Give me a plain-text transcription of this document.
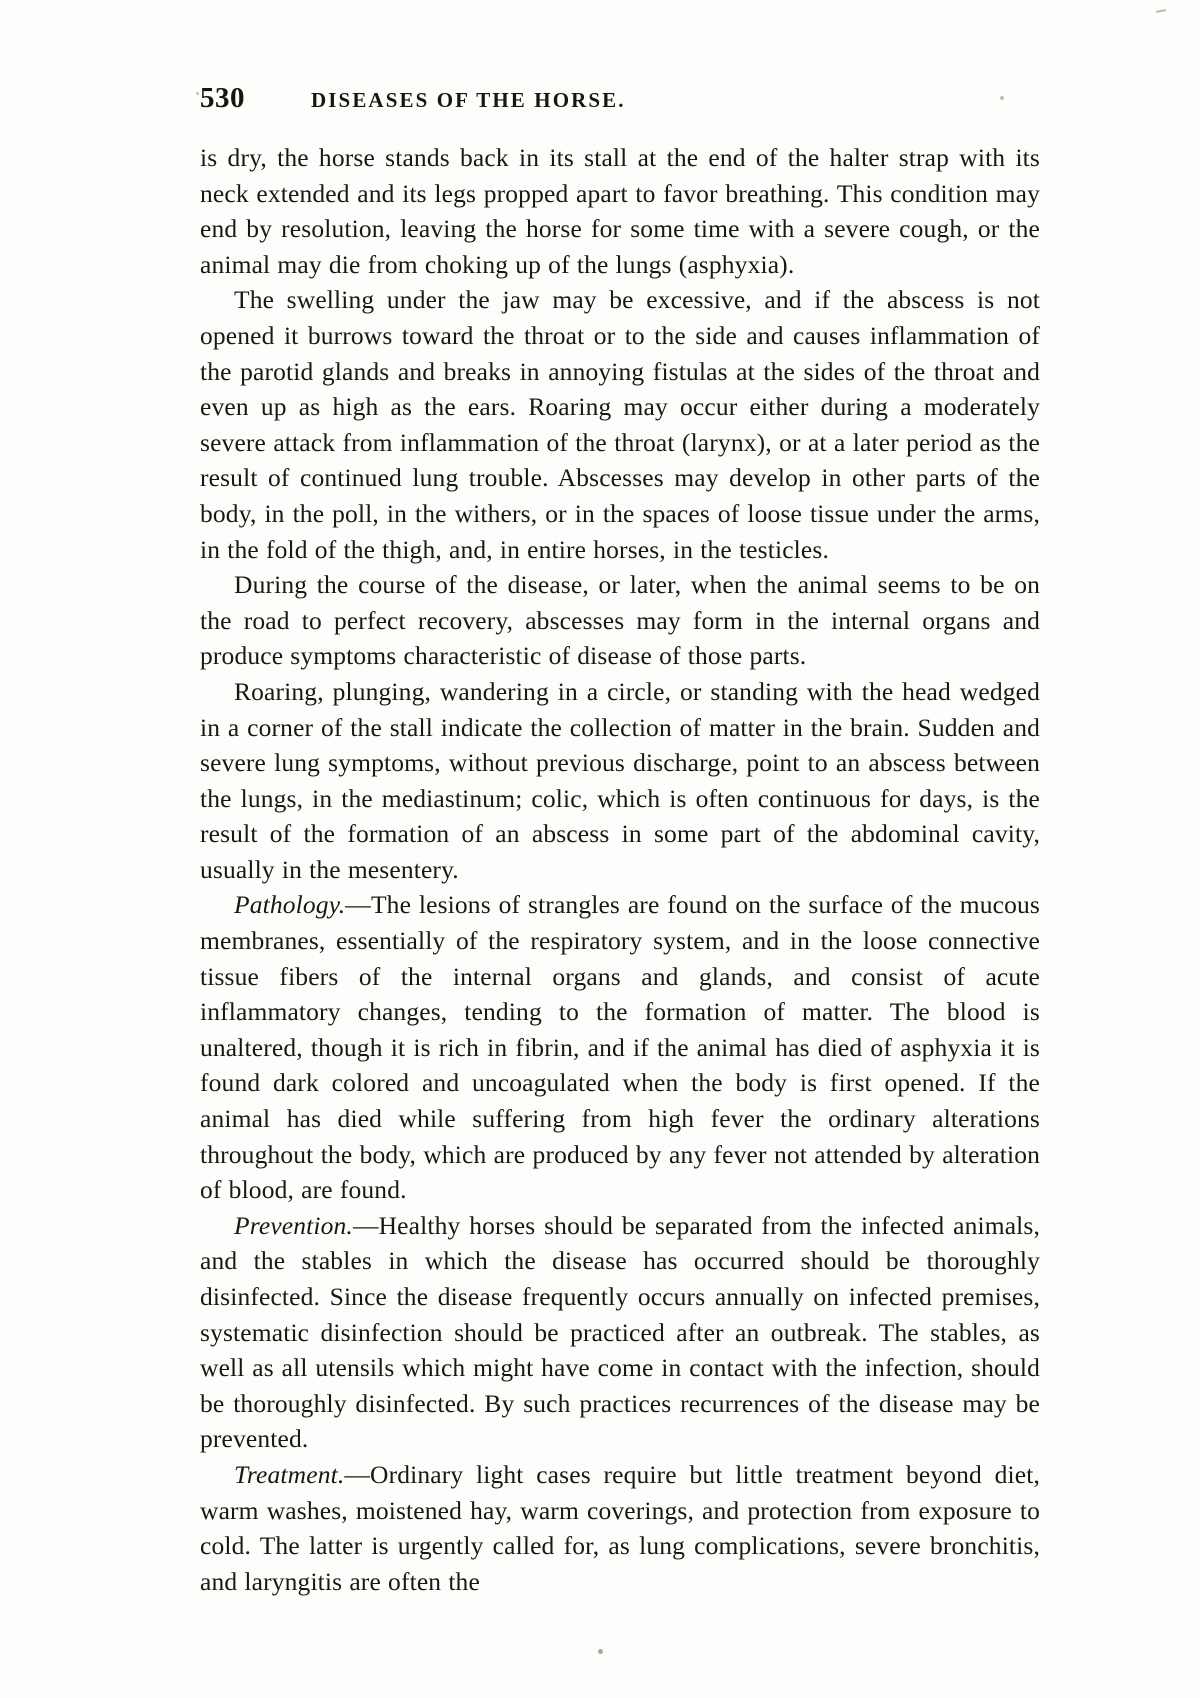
530	DISEASES OF THE HORSE.

is dry, the horse stands back in its stall at the end of the halter strap with its neck extended and its legs propped apart to favor breathing. This condition may end by resolution, leaving the horse for some time with a severe cough, or the animal may die from choking up of the lungs (asphyxia).

The swelling under the jaw may be excessive, and if the abscess is not opened it burrows toward the throat or to the side and causes inflammation of the parotid glands and breaks in annoying fistulas at the sides of the throat and even up as high as the ears. Roaring may occur either during a moderately severe attack from inflammation of the throat (larynx), or at a later period as the result of continued lung trouble. Abscesses may develop in other parts of the body, in the poll, in the withers, or in the spaces of loose tissue under the arms, in the fold of the thigh, and, in entire horses, in the testicles.

During the course of the disease, or later, when the animal seems to be on the road to perfect recovery, abscesses may form in the internal organs and produce symptoms characteristic of disease of those parts.

Roaring, plunging, wandering in a circle, or standing with the head wedged in a corner of the stall indicate the collection of matter in the brain. Sudden and severe lung symptoms, without previous discharge, point to an abscess between the lungs, in the mediastinum; colic, which is often continuous for days, is the result of the formation of an abscess in some part of the abdominal cavity, usually in the mesentery.

Pathology.—The lesions of strangles are found on the surface of the mucous membranes, essentially of the respiratory system, and in the loose connective tissue fibers of the internal organs and glands, and consist of acute inflammatory changes, tending to the formation of matter. The blood is unaltered, though it is rich in fibrin, and if the animal has died of asphyxia it is found dark colored and uncoagulated when the body is first opened. If the animal has died while suffering from high fever the ordinary alterations throughout the body, which are produced by any fever not attended by alteration of blood, are found.

Prevention.—Healthy horses should be separated from the infected animals, and the stables in which the disease has occurred should be thoroughly disinfected. Since the disease frequently occurs annually on infected premises, systematic disinfection should be practiced after an outbreak. The stables, as well as all utensils which might have come in contact with the infection, should be thoroughly disinfected. By such practices recurrences of the disease may be prevented.

Treatment.—Ordinary light cases require but little treatment beyond diet, warm washes, moistened hay, warm coverings, and protection from exposure to cold. The latter is urgently called for, as lung complications, severe bronchitis, and laryngitis are often the
